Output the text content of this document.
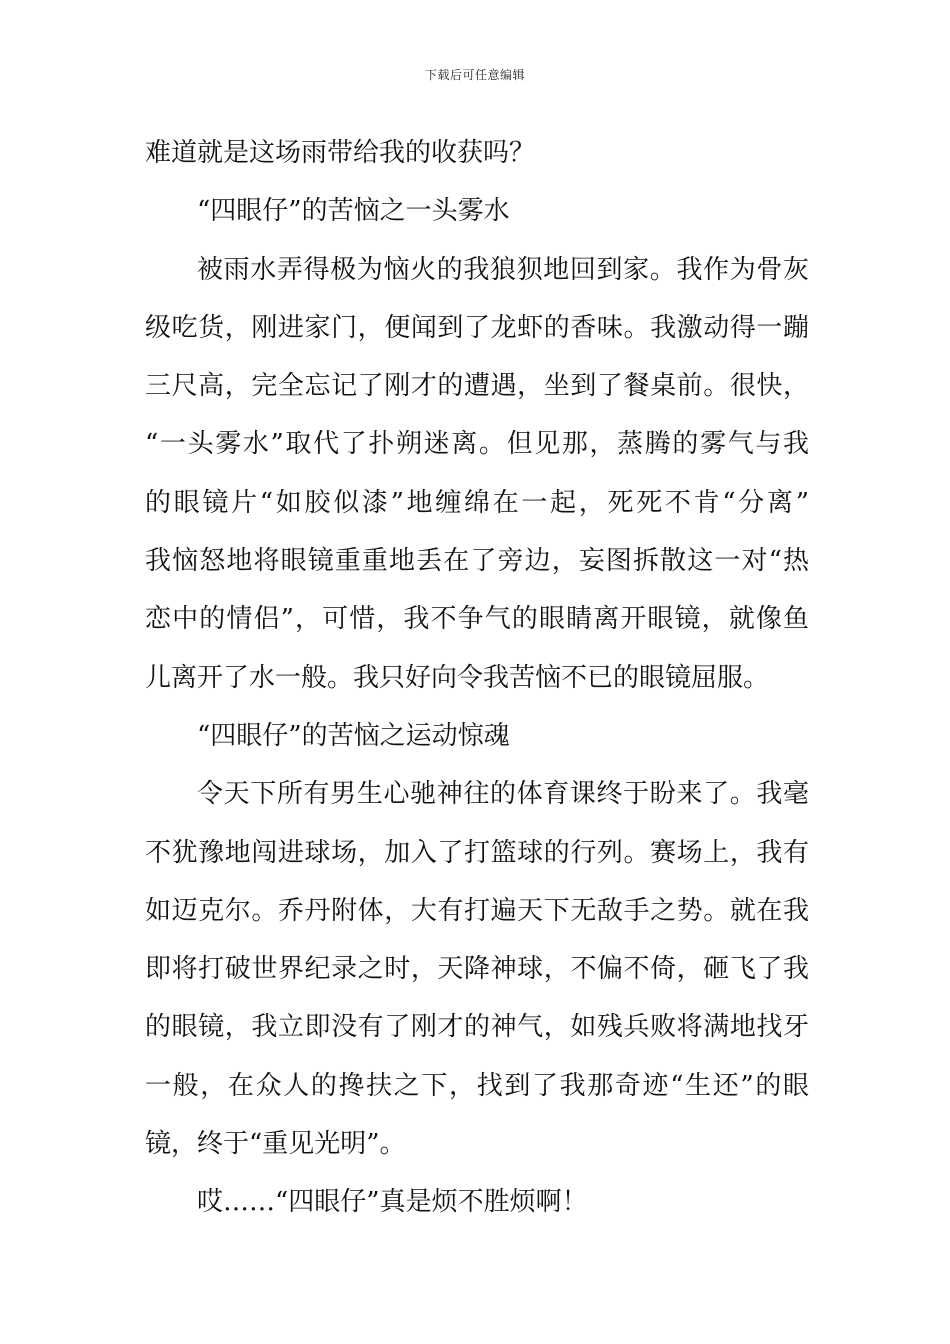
下载后可任意编辑
难道就是这场雨带给我的收获吗？
“四眼仔”的苦恼之一头雾水
被雨水弄得极为恼火的我狼狈地回到家。我作为骨灰
级吃货，刚进家门，便闻到了龙虾的香味。我激动得一蹦
三尺高，完全忘记了刚才的遭遇，坐到了餐桌前。很快，
“一头雾水”取代了扑朔迷离。但见那，蒸腾的雾气与我
的眼镜片“如胶似漆”地缠绵在一起，死死不肯“分离”
我恼怒地将眼镜重重地丢在了旁边，妄图拆散这一对“热
恋中的情侣”，可惜，我不争气的眼睛离开眼镜，就像鱼
儿离开了水一般。我只好向令我苦恼不已的眼镜屈服。
“四眼仔”的苦恼之运动惊魂
令天下所有男生心驰神往的体育课终于盼来了。我毫
不犹豫地闯进球场，加入了打篮球的行列。赛场上，我有
如迈克尔。乔丹附体，大有打遍天下无敌手之势。就在我
即将打破世界纪录之时，天降神球，不偏不倚，砸飞了我
的眼镜，我立即没有了刚才的神气，如残兵败将满地找牙
一般，在众人的搀扶之下，找到了我那奇迹“生还”的眼
镜，终于“重见光明”。
哎……“四眼仔”真是烦不胜烦啊！
